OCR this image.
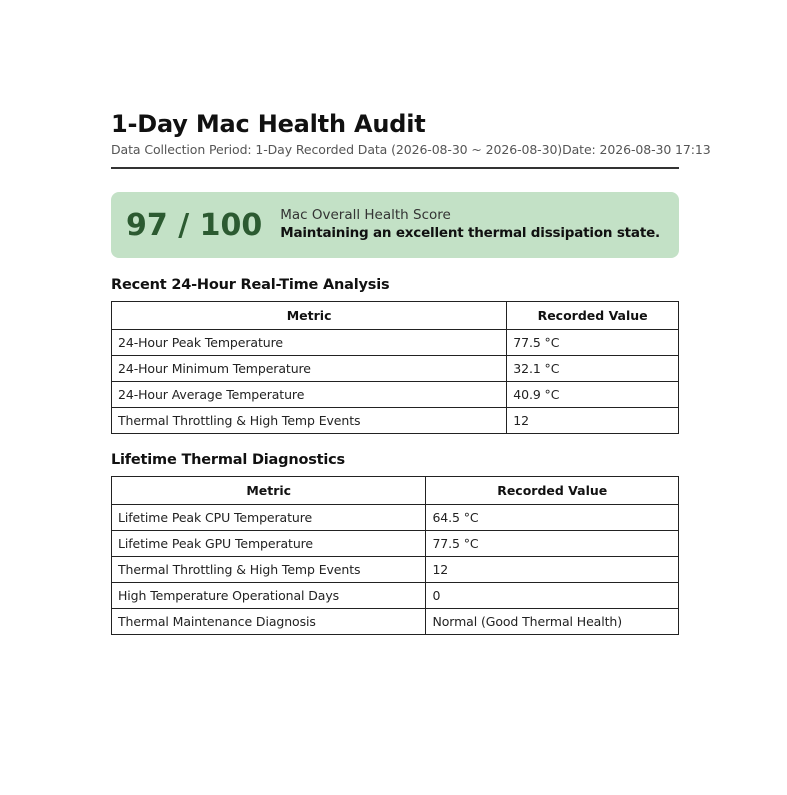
1-Day Mac Health Audit
Data Collection Period: 1-Day Recorded Data (2026-08-30 ~ 2026-08-30) Date: 2026-08-30 17:13
97 / 100 Mac Overall Health Score
Maintaining an excellent thermal dissipation state.
Recent 24-Hour Real-Time Analysis
Metric	Recorded Value
24-Hour Peak Temperature	77.5 °C
24-Hour Minimum Temperature	32.1 °C
24-Hour Average Temperature	40.9 °C
Thermal Throttling & High Temp Events	12
Lifetime Thermal Diagnostics
Metric	Recorded Value
Lifetime Peak CPU Temperature	64.5 °C
Lifetime Peak GPU Temperature	77.5 °C
Thermal Throttling & High Temp Events	12
High Temperature Operational Days	0
Thermal Maintenance Diagnosis	Normal (Good Thermal Health)
